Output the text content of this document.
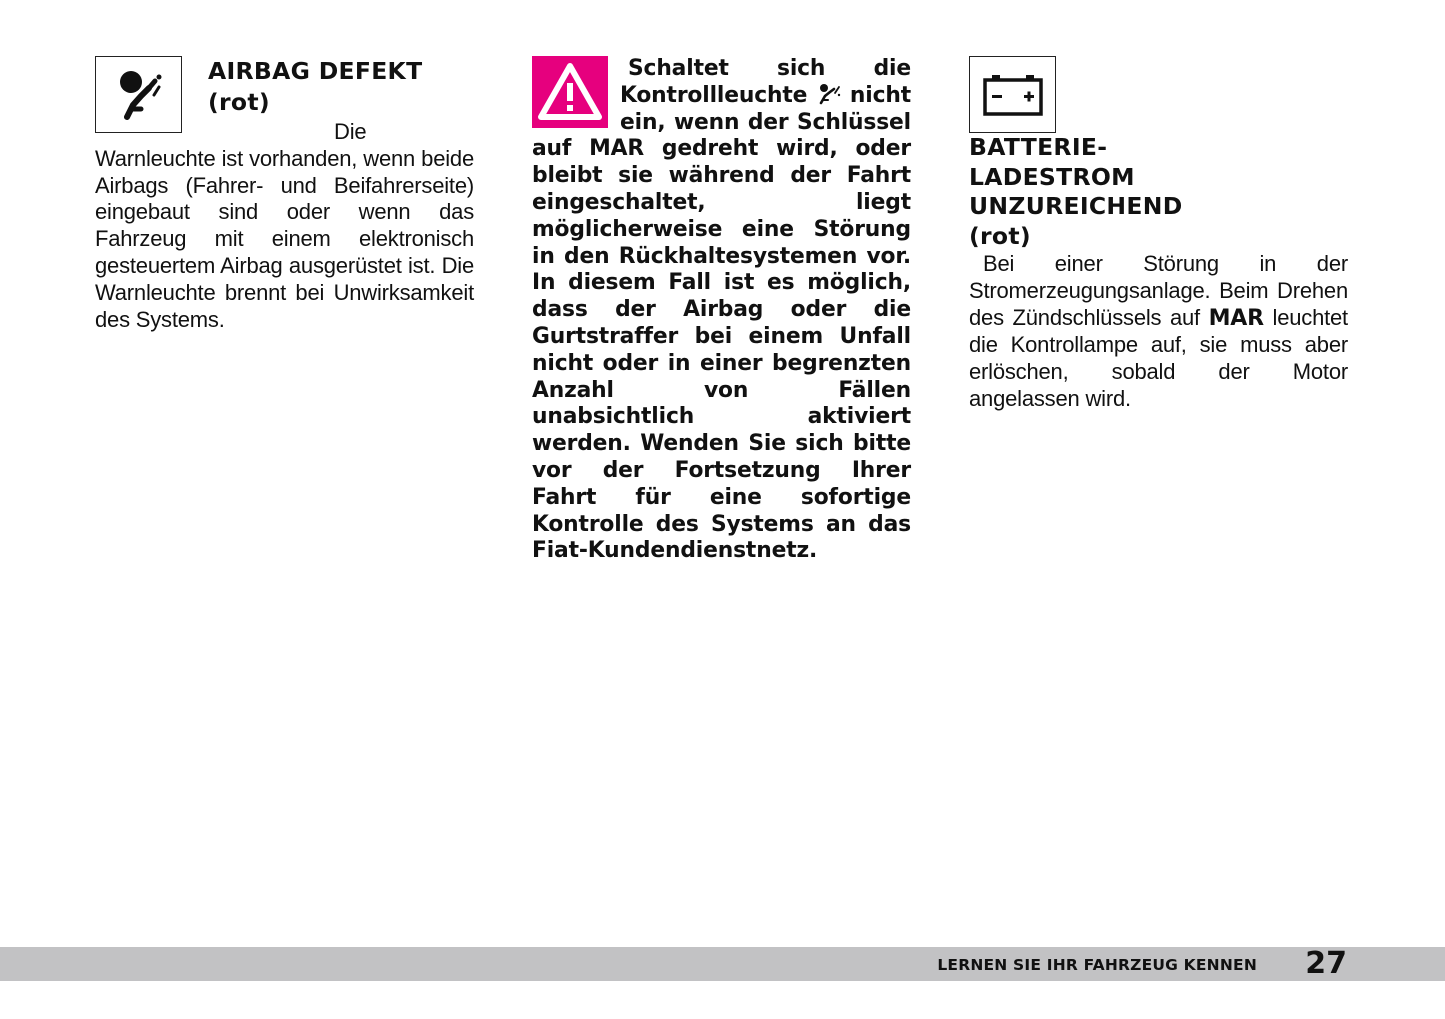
AIRBAG DEFEKT
(rot)

Die Warnleuchte ist vorhanden, wenn beide Airbags (Fahrer- und Beifahrerseite) eingebaut sind oder wenn das Fahrzeug mit einem elektronisch gesteuertem Airbag ausgerüstet ist. Die Warnleuchte brennt bei Unwirksamkeit des Systems.

Schaltet sich die Kontrollleuchte nicht ein, wenn der Schlüssel auf MAR gedreht wird, oder bleibt sie während der Fahrt eingeschaltet, liegt möglicherweise eine Störung in den Rückhaltesystemen vor. In diesem Fall ist es möglich, dass der Airbag oder die Gurtstraffer bei einem Unfall nicht oder in einer begrenzten Anzahl von Fällen unabsichtlich aktiviert werden. Wenden Sie sich bitte vor der Fortsetzung Ihrer Fahrt für eine sofortige Kontrolle des Systems an das Fiat-Kundendienstnetz.

BATTERIE-LADESTROM UNZUREICHEND
(rot)

Bei einer Störung in der Stromerzeugungsanlage. Beim Drehen des Zündschlüssels auf MAR leuchtet die Kontrollampe auf, sie muss aber erlöschen, sobald der Motor angelassen wird.

LERNEN SIE IHR FAHRZEUG KENNEN 27
